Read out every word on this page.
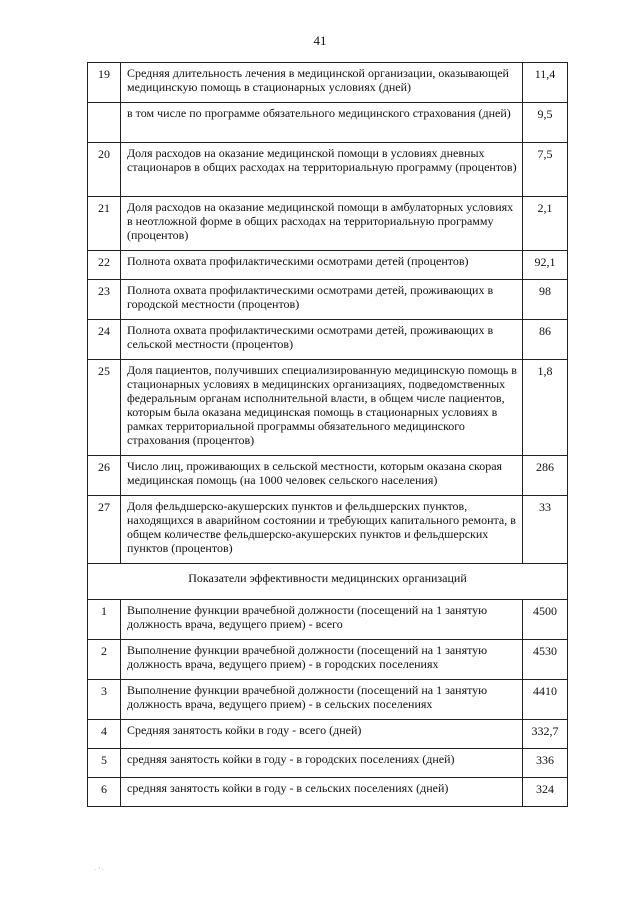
41
19	Средняя длительность лечения в медицинской организации, оказывающей медицинскую помощь в стационарных условиях (дней)	11,4
	в том числе по программе обязательного медицинского страхования (дней)	9,5
20	Доля расходов на оказание медицинской помощи в условиях дневных стационаров в общих расходах на территориальную программу (процентов)	7,5
21	Доля расходов на оказание медицинской помощи в амбулаторных условиях в неотложной форме в общих расходах на территориальную программу (процентов)	2,1
22	Полнота охвата профилактическими осмотрами детей (процентов)	92,1
23	Полнота охвата профилактическими осмотрами детей, проживающих в городской местности (процентов)	98
24	Полнота охвата профилактическими осмотрами детей, проживающих в сельской местности (процентов)	86
25	Доля пациентов, получивших специализированную медицинскую помощь в стационарных условиях в медицинских организациях, подведомственных федеральным органам исполнительной власти, в общем числе пациентов, которым была оказана медицинская помощь в стационарных условиях в рамках территориальной программы обязательного медицинского страхования (процентов)	1,8
26	Число лиц, проживающих в сельской местности, которым оказана скорая медицинская помощь (на 1000 человек сельского населения)	286
27	Доля фельдшерско-акушерских пунктов и фельдшерских пунктов, находящихся в аварийном состоянии и требующих капитального ремонта, в общем количестве фельдшерско-акушерских пунктов и фельдшерских пунктов (процентов)	33
Показатели эффективности медицинских организаций		
1	Выполнение функции врачебной должности (посещений на 1 занятую должность врача, ведущего прием) - всего	4500
2	Выполнение функции врачебной должности (посещений на 1 занятую должность врача, ведущего прием) - в городских поселениях	4530
3	Выполнение функции врачебной должности (посещений на 1 занятую должность врача, ведущего прием) - в сельских поселениях	4410
4	Средняя занятость койки в году - всего (дней)	332,7
5	средняя занятость койки в году - в городских поселениях (дней)	336
6	средняя занятость койки в году - в сельских поселениях (дней)	324
· ’ ·
